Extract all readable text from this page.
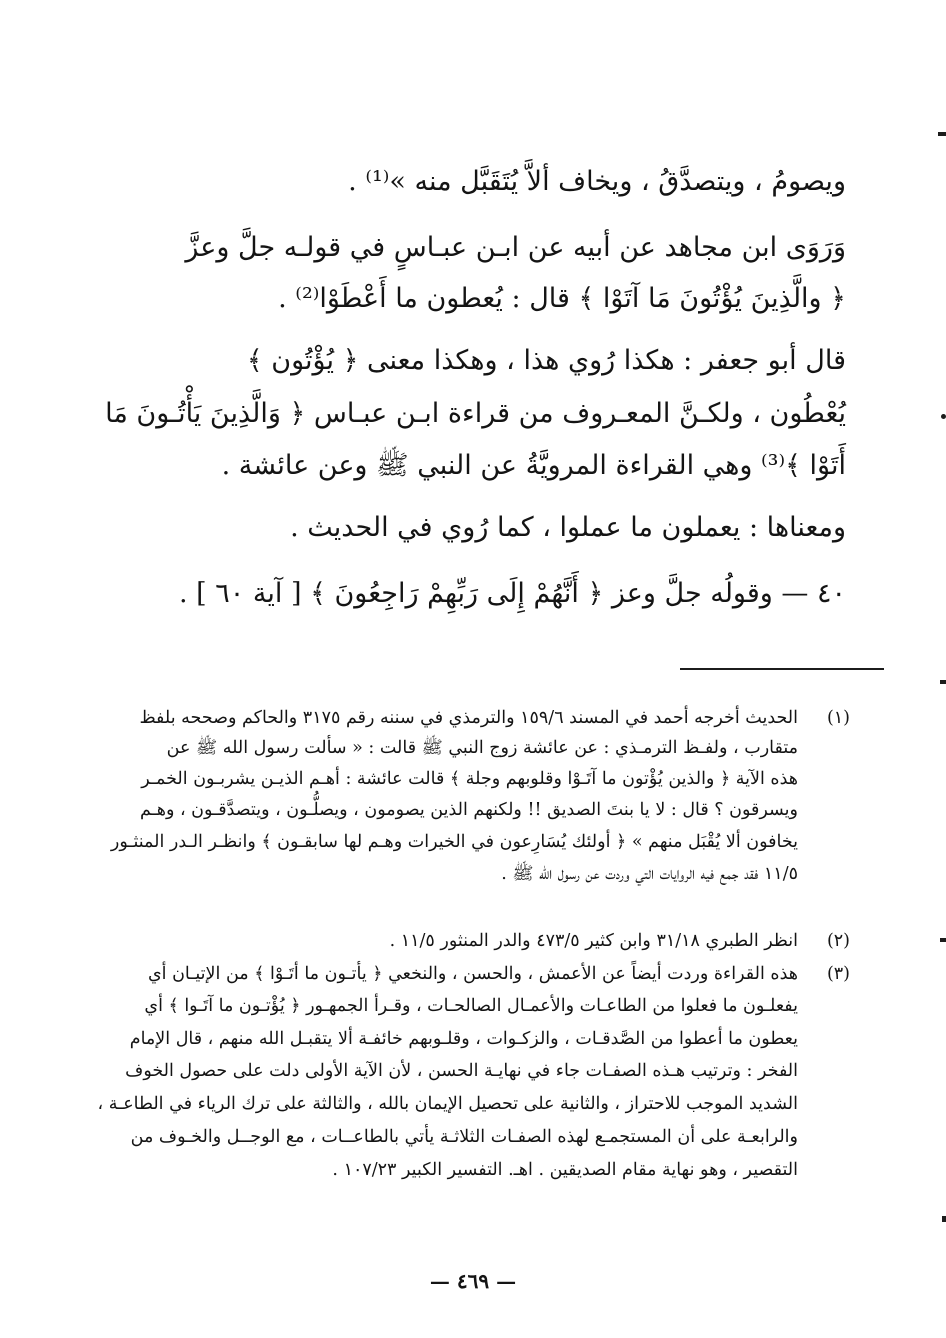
ويصومُ ، ويتصدَّقُ ، ويخاف ألاَّ يُتَقَبَّل منه »⁽¹⁾ .
وَرَوَى ابن مجاهد عن أبيه عن ابـن عبـاسٍ في قولـه جلَّ وعزَّ
﴿ والَّذِينَ يُؤْتُونَ مَا آتَوْا ﴾ قال : يُعطون ما أَعْطَوْا⁽²⁾ .
قال أبو جعفر : هكذا رُوي هذا ، وهكذا معنى ﴿ يُؤْتُون ﴾
يُعْطُون ، ولكـنَّ المعـروف من قراءة ابـن عبـاس ﴿ وَالَّذِينَ يَأْتُـونَ مَا
أَتَوْا ﴾⁽³⁾ وهي القراءة المرويَّةُ عن النبي ﷺ وعن عائشة .
ومعناها : يعملون ما عملوا ، كما رُوي في الحديث .
٤٠ — وقولُه جلَّ وعز ﴿ أَنَّهُمْ إِلَى رَبِّهِمْ رَاجِعُونَ ﴾ [ آية ٦٠ ] .
(١)
الحديث أخرجه أحمد في المسند ١٥٩/٦ والترمذي في سننه رقم ٣١٧٥ والحاكم وصححه بلفظ
متقارب ، ولفـظ الترمـذي : عن عائشة زوج النبي ﷺ قالت : « سألت رسول الله ﷺ عن
هذه الآية ﴿ والذين يُؤْتون ما آتَـوْا وقلوبهم وجلة ﴾ قالت عائشة : أهـم الذيـن يشربـون الخمـر
ويسرقون ؟ قال : لا يا بنتَ الصديق !! ولكنهم الذين يصومون ، ويصلُّـون ، ويتصدَّقـون ، وهـم
يخافون ألا يُقْبَل منهم » ﴿ أولئك يُسَارِعون في الخيرات وهـم لها سابقـون ﴾ وانظـر الـدر المنثـور
١١/٥ فقد جمع فيه الروايات التي وردت عن رسول الله ﷺ .
(٢)
انظر الطبري ٣١/١٨ وابن كثير ٤٧٣/٥ والدر المنثور ١١/٥ .
(٣)
هذه القراءة وردت أيضاً عن الأعمش ، والحسن ، والنخعي ﴿ يأتـون ما أتَـوْا ﴾ من الإتيـان أي
يفعلـون ما فعلوا من الطاعـات والأعمـال الصالحـات ، وقـرأ الجمهـور ﴿ يُؤْتـون ما آتَـوا ﴾ أي
يعطون ما أعطوا من الصَّدقـات ، والزكـوات ، وقلـوبهم خائفـة ألا يتقبـل الله منهم ، قال الإمام
الفخر : وترتيب هـذه الصفـات جاء في نهايـة الحسن ، لأن الآية الأولى دلت على حصول الخوف
الشديد الموجب للاحتراز ، والثانية على تحصيل الإيمان بالله ، والثالثة على ترك الرياء في الطاعـة ،
والرابعـة على أن المستجمـع لهذه الصفـات الثلاثـة يأتي بالطاعــات ، مع الوجــل والخـوف من
التقصير ، وهو نهاية مقام الصديقين . اهـ. التفسير الكبير ١٠٧/٢٣ .
— ٤٦٩ —
